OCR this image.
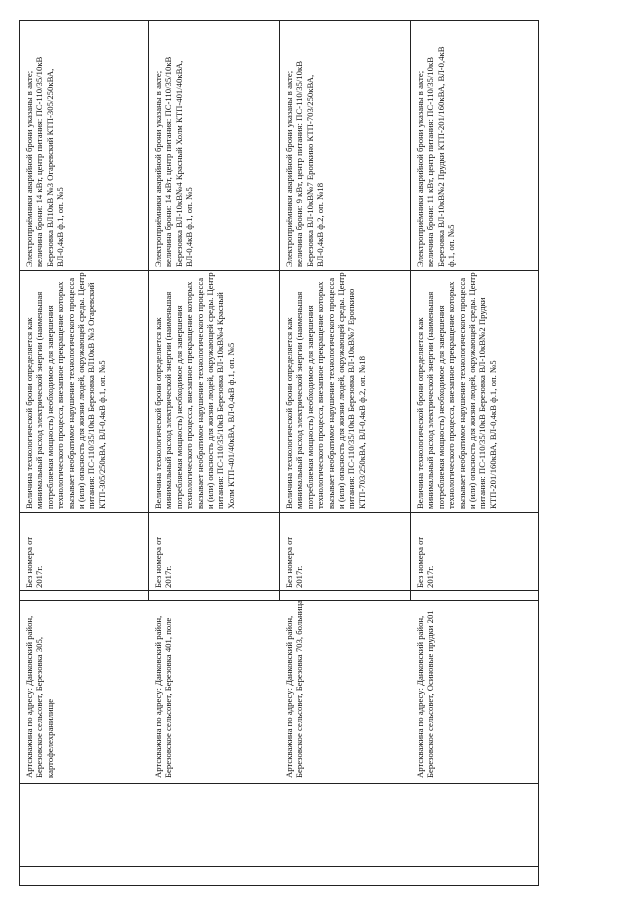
Электроприёмники аварийной брони указаны в акте; величина брони: 14 кВт, центр питания: ПС-110/35/10кВ Березовка ВЛ10кВ №3 Огаревский КТП-305/250кВА, ВЛ-0,4кВ ф.1, оп. №5
Величина технологической брони определяется как минимальный расход электрической энергии (наименьшая потребляемая мощность) необходимое для завершения технологического процесса, внезапное прекращение которых вызывает необратимое нарушение технологического процесса и (или) опасность для жизни людей, окружающей среды. Центр питания: ПС-110/35/10кВ Березовка ВЛ10кВ №3 Огаревский КТП-305/250кВА, ВЛ-0,4кВ ф.1, оп. №5
Без номера от 2017г.
Артскважина по адресу: Данковский район, Березовское сельсовет, Березовка 305, картофелехранилище
Электроприёмники аварийной брони указаны в акте; величина брони: 14 кВт, центр питания: ПС-110/35/10кВ Березовка ВЛ-10кВ№4 Красный Холм КТП-401/40кВА, ВЛ-0,4кВ ф.1, оп. №5
Величина технологической брони определяется как минимальный расход электрической энергии (наименьшая потребляемая мощность) необходимое для завершения технологического процесса, внезапное прекращение которых вызывает необратимое нарушение технологического процесса и (или) опасность для жизни людей, окружающей среды. Центр питания: ПС-110/35/10кВ Березовка ВЛ-10кВ№4 Красный Холм КТП-401/40кВА, ВЛ-0,4кВ ф.1, оп. №5
Без номера от 2017г.
Артскважина по адресу: Данковский район, Березовское сельсовет, Березовка 401, поле
Электроприёмники аварийной брони указаны в акте; величина брони: 9 кВт, центр питания: ПС-110/35/10кВ Березовка ВЛ-10кВ№7 Еропкино КТП-703/250кВА, ВЛ-0,4кВ ф.2, оп. №18
Величина технологической брони определяется как минимальный расход электрической энергии (наименьшая потребляемая мощность) необходимое для завершения технологического процесса, внезапное прекращение которых вызывает необратимое нарушение технологического процесса и (или) опасность для жизни людей, окружающей среды. Центр питания: ПС-110/35/10кВ Березовка ВЛ-10кВ№7 Еропкино КТП-703/250кВА, ВЛ-0,4кВ ф.2, оп. №18
Без номера от 2017г.
Артскважина по адресу: Данковский район, Березовское сельсовет, Березовка 703, больница
Электроприёмники аварийной брони указаны в акте; величина брони: 11 кВт, центр питания: ПС-110/35/10кВ Березовка ВЛ-10кВ№2 Прудки КТП-201/160кВА, ВЛ-0,4кВ ф.1, оп. №5
Величина технологической брони определяется как минимальный расход электрической энергии (наименьшая потребляемая мощность) необходимое для завершения технологического процесса, внезапное прекращение которых вызывает необратимое нарушение технологического процесса и (или) опасность для жизни людей, окружающей среды. Центр питания: ПС-110/35/10кВ Березовка ВЛ-10кВ№2 Прудки КТП-201/160кВА, ВЛ-0,4кВ ф.1, оп. №5
Без номера от 2017г.
Артскважина по адресу: Данковский район, Березовское сельсовет, Осиновые прудки 201
